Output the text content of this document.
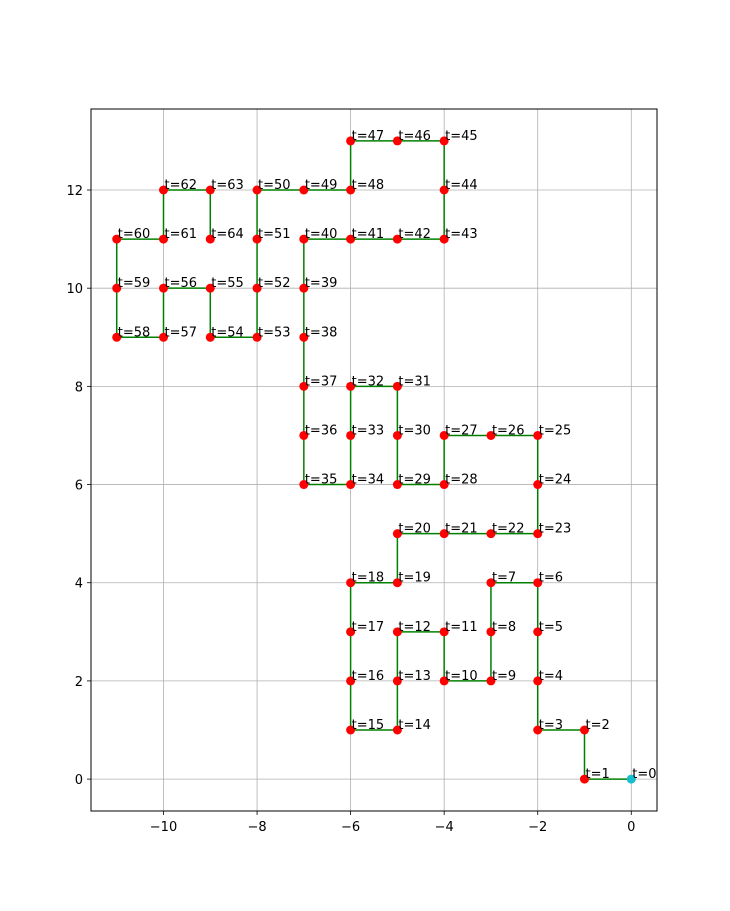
t=0
t=1
t=2
t=3
t=4
t=5
t=6
t=7
t=8
t=9
t=10
t=11
t=12
t=13
t=14
t=15
t=16
t=17
t=18 t=19
t=20 t=21 t=22 t=23
t=24
t=25
t=26
t=27
t=28
t=29
t=30
t=31
t=32
t=33
t=34
t=35
t=36
t=37
t=38
t=39
t=40 t=41 t=42 t=43
t=44
t=45
t=46
t=47
t=48
t=49
t=50
t=51
t=52
t=53
t=54
t=55
t=56
t=57
t=58
t=59
t=60 t=61
t=62 t=63
t=64
−10	−8	−6	−4	−2	0
0
2
4
6
8
10
12
